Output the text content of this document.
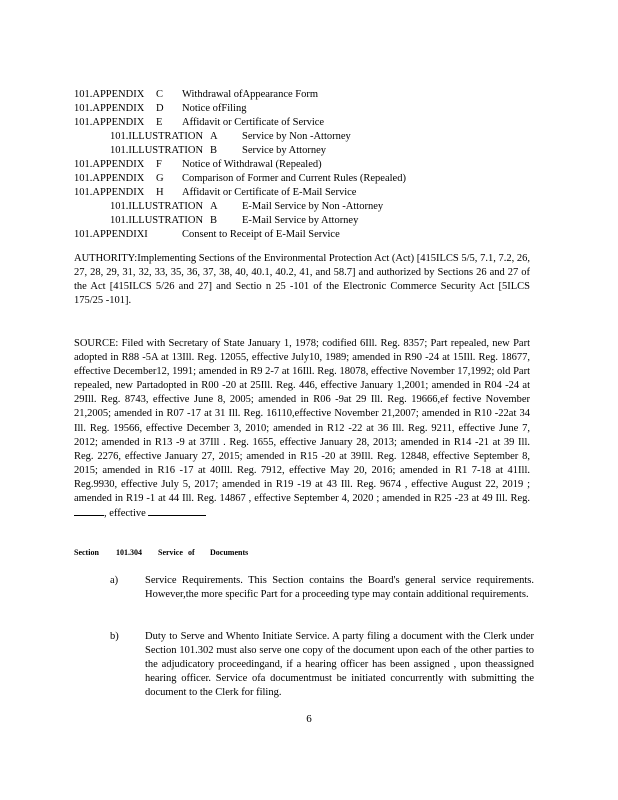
101.APPENDIX C Withdrawal ofAppearance Form
101.APPENDIX D Notice ofFiling
101.APPENDIX E Affidavit or Certificate of Service
101.ILLUSTRATION A Service by Non -Attorney
101.ILLUSTRATION B Service by Attorney
101.APPENDIX F Notice of Withdrawal (Repealed)
101.APPENDIX G Comparison of Former and Current Rules (Repealed)
101.APPENDIX H Affidavit or Certificate of E-Mail Service
101.ILLUSTRATION A E-Mail Service by Non -Attorney
101.ILLUSTRATION B E-Mail Service by Attorney
101.APPENDIXI	Consent to Receipt of E-Mail Service
AUTHORITY:Implementing Sections of the Environmental Protection Act (Act) [415ILCS 5/5, 7.1, 7.2, 26, 27, 28, 29, 31, 32, 33, 35, 36, 37, 38, 40, 40.1, 40.2, 41, and 58.7] and authorized by Sections 26 and 27 of the Act [415ILCS 5/26 and 27] and Sectio n 25 -101 of the Electronic Commerce Security Act [5ILCS 175/25 -101].
SOURCE: Filed with Secretary of State January 1, 1978; codified 6Ill. Reg. 8357; Part repealed, new Part adopted in R88 -5A at 13Ill. Reg. 12055, effective July10, 1989; amended in R90 -24 at 15Ill. Reg. 18677, effective December12, 1991; amended in R9 2-7 at 16Ill. Reg. 18078, effective November 17,1992; old Part repealed, new Partadopted in R00 -20 at 25Ill. Reg. 446, effective January 1,2001; amended in R04 -24 at 29Ill. Reg. 8743, effective June 8, 2005; amended in R06 -9at 29 Ill. Reg. 19666,ef fective November 21,2005; amended in R07 -17 at 31 Ill. Reg. 16110,effective November 21,2007; amended in R10 -22at 34 Ill. Reg. 19566, effective December 3, 2010; amended in R12 -22 at 36 Ill. Reg. 9211, effective June 7, 2012; amended in R13 -9 at 37Ill . Reg. 1655, effective January 28, 2013; amended in R14 -21 at 39 Ill. Reg. 2276, effective January 27, 2015; amended in R15 -20 at 39Ill. Reg. 12848, effective September 8, 2015; amended in R16 -17 at 40Ill. Reg. 7912, effective May 20, 2016; amended in R1 7-18 at 41Ill. Reg.9930, effective July 5, 2017; amended in R19 -19 at 43 Ill. Reg. 9674 , effective August 22, 2019 ; amended in R19 -1 at 44 Ill. Reg. 14867 , effective September 4, 2020 ; amended in R25 -23 at 49 Ill. Reg. , effective
Section 101.304 Service of Documents
a)	Service Requirements. This Section contains the Board's general service requirements. However,the more specific Part for a proceeding type may contain additional requirements.
b)	Duty to Serve and Whento Initiate Service. A party filing a document with the Clerk under Section 101.302 must also serve one copy of the document upon each of the other parties to the adjudicatory proceedingand, if a hearing officer has been assigned , upon theassigned hearing officer. Service ofa documentmust be initiated concurrently with submitting the document to the Clerk for filing.
6
